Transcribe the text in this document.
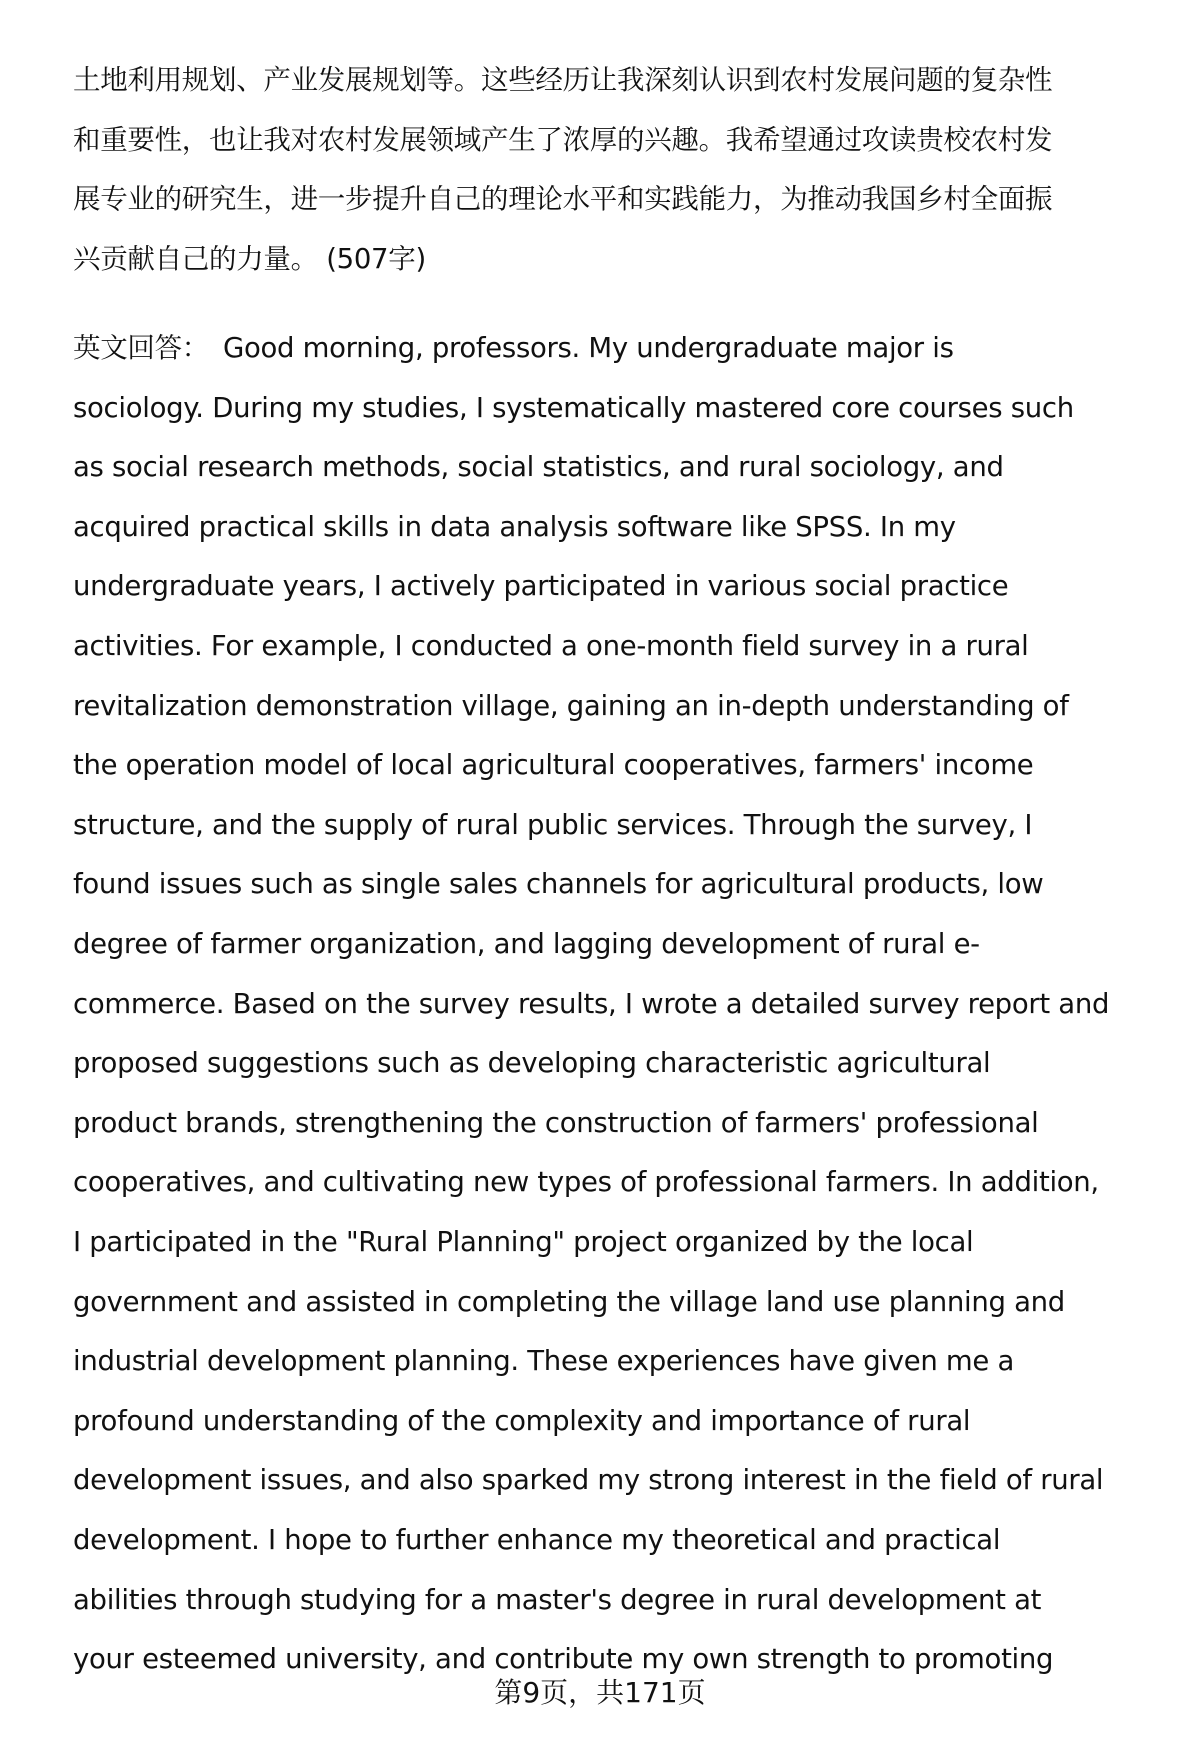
土地利用规划、产业发展规划等。这些经历让我深刻认识到农村发展问题的复杂性
和重要性，也让我对农村发展领域产生了浓厚的兴趣。我希望通过攻读贵校农村发
展专业的研究生，进一步提升自己的理论水平和实践能力，为推动我国乡村全面振
兴贡献自己的力量。 (507字)
英文回答： Good morning, professors. My undergraduate major is
sociology. During my studies, I systematically mastered core courses such
as social research methods, social statistics, and rural sociology, and
acquired practical skills in data analysis software like SPSS. In my
undergraduate years, I actively participated in various social practice
activities. For example, I conducted a one-month field survey in a rural
revitalization demonstration village, gaining an in-depth understanding of
the operation model of local agricultural cooperatives, farmers' income
structure, and the supply of rural public services. Through the survey, I
found issues such as single sales channels for agricultural products, low
degree of farmer organization, and lagging development of rural e-
commerce. Based on the survey results, I wrote a detailed survey report and
proposed suggestions such as developing characteristic agricultural
product brands, strengthening the construction of farmers' professional
cooperatives, and cultivating new types of professional farmers. In addition,
I participated in the "Rural Planning" project organized by the local
government and assisted in completing the village land use planning and
industrial development planning. These experiences have given me a
profound understanding of the complexity and importance of rural
development issues, and also sparked my strong interest in the field of rural
development. I hope to further enhance my theoretical and practical
abilities through studying for a master's degree in rural development at
your esteemed university, and contribute my own strength to promoting
第9页，共171页
